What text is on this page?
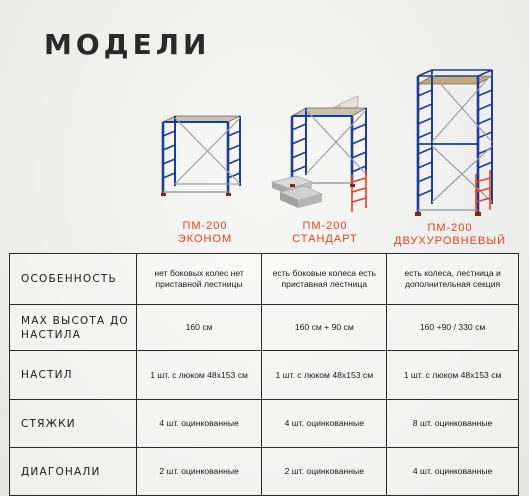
МОДЕЛИ
ПМ-200
ЭКОНОМ
ПМ-200
СТАНДАРТ
ПМ-200
ДВУХУРОВНЕВЫЙ
ОСОБЕННОСТЬ	нет боковых колес нет приставной лестницы	есть боковые колеса есть приставная лестница	есть колеса, лестница и дополнительная секция
MAX ВЫСОТА ДО НАСТИЛА	160 см	160 см + 90 см	160 +90 / 330 см
НАСТИЛ	1 шт. с люком 48х153 см	1 шт. с люком 48х153 см	1 шт. с люком 48х153 см
СТЯЖКИ	4 шт. оцинкованные	4 шт. оцинкованные	8 шт. оцинкованные
ДИАГОНАЛИ	2 шт. оцинкованные	2 шт. оцинкованные	4 шт. оцинкованные
